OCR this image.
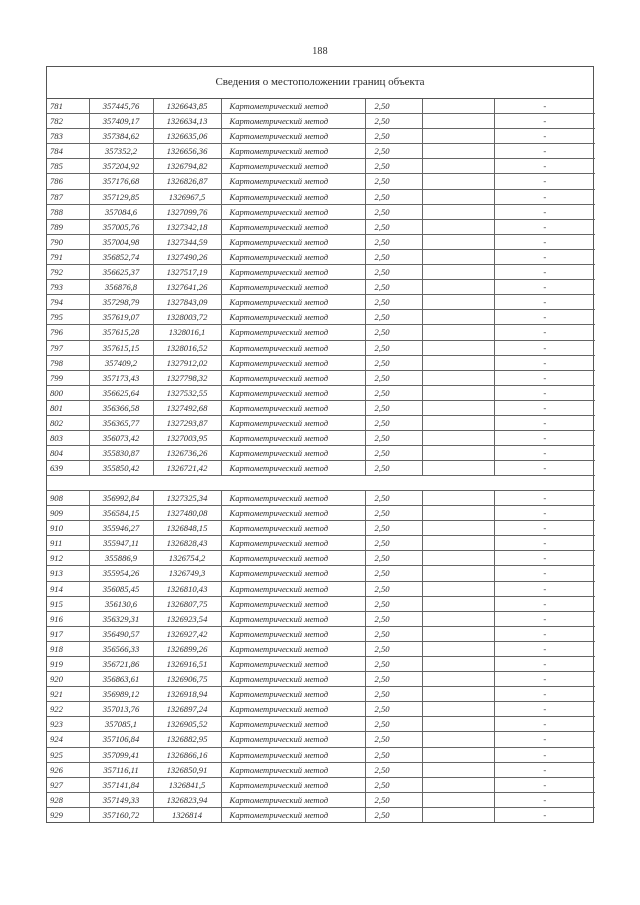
188
Сведения о местоположении границ объекта
781	357445,76	1326643,85	Картометрический метод	2,50		-
782	357409,17	1326634,13	Картометрический метод	2,50		-
783	357384,62	1326635,06	Картометрический метод	2,50		-
784	357352,2	1326656,36	Картометрический метод	2,50		-
785	357204,92	1326794,82	Картометрический метод	2,50		-
786	357176,68	1326826,87	Картометрический метод	2,50		-
787	357129,85	1326967,5	Картометрический метод	2,50		-
788	357084,6	1327099,76	Картометрический метод	2,50		-
789	357005,76	1327342,18	Картометрический метод	2,50		-
790	357004,98	1327344,59	Картометрический метод	2,50		-
791	356852,74	1327490,26	Картометрический метод	2,50		-
792	356625,37	1327517,19	Картометрический метод	2,50		-
793	356876,8	1327641,26	Картометрический метод	2,50		-
794	357298,79	1327843,09	Картометрический метод	2,50		-
795	357619,07	1328003,72	Картометрический метод	2,50		-
796	357615,28	1328016,1	Картометрический метод	2,50		-
797	357615,15	1328016,52	Картометрический метод	2,50		-
798	357409,2	1327912,02	Картометрический метод	2,50		-
799	357173,43	1327798,32	Картометрический метод	2,50		-
800	356625,64	1327532,55	Картометрический метод	2,50		-
801	356366,58	1327492,68	Картометрический метод	2,50		-
802	356365,77	1327293,87	Картометрический метод	2,50		-
803	356073,42	1327003,95	Картометрический метод	2,50		-
804	355830,87	1326736,26	Картометрический метод	2,50		-
639	355850,42	1326721,42	Картометрический метод	2,50		-

908	356992,84	1327325,34	Картометрический метод	2,50		-
909	356584,15	1327480,08	Картометрический метод	2,50		-
910	355946,27	1326848,15	Картометрический метод	2,50		-
911	355947,11	1326828,43	Картометрический метод	2,50		-
912	355886,9	1326754,2	Картометрический метод	2,50		-
913	355954,26	1326749,3	Картометрический метод	2,50		-
914	356085,45	1326810,43	Картометрический метод	2,50		-
915	356130,6	1326807,75	Картометрический метод	2,50		-
916	356329,31	1326923,54	Картометрический метод	2,50		-
917	356490,57	1326927,42	Картометрический метод	2,50		-
918	356566,33	1326899,26	Картометрический метод	2,50		-
919	356721,86	1326916,51	Картометрический метод	2,50		-
920	356863,61	1326906,75	Картометрический метод	2,50		-
921	356989,12	1326918,94	Картометрический метод	2,50		-
922	357013,76	1326897,24	Картометрический метод	2,50		-
923	357085,1	1326905,52	Картометрический метод	2,50		-
924	357106,84	1326882,95	Картометрический метод	2,50		-
925	357099,41	1326866,16	Картометрический метод	2,50		-
926	357116,11	1326850,91	Картометрический метод	2,50		-
927	357141,84	1326841,5	Картометрический метод	2,50		-
928	357149,33	1326823,94	Картометрический метод	2,50		-
929	357160,72	1326814	Картометрический метод	2,50		-
